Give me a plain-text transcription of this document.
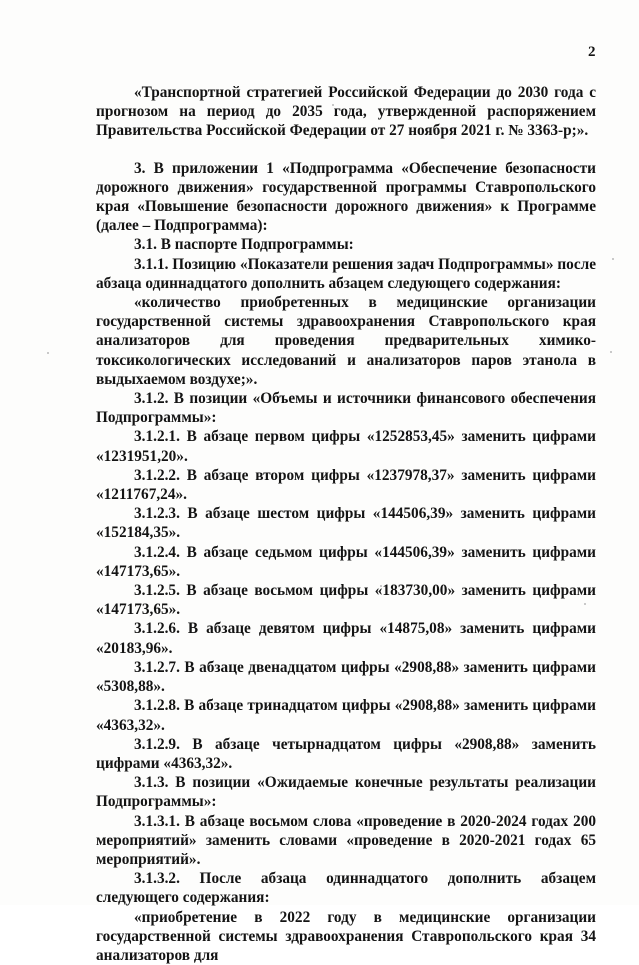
2

«Транспортной стратегией Российской Федерации до 2030 года с прогнозом на период до 2035 года, утвержденной распоряжением Правительства Российской Федерации от 27 ноября 2021 г. № 3363-р;».

3. В приложении 1 «Подпрограмма «Обеспечение безопасности дорожного движения» государственной программы Ставропольского края «Повышение безопасности дорожного движения» к Программе (далее – Подпрограмма):

3.1. В паспорте Подпрограммы:

3.1.1. Позицию «Показатели решения задач Подпрограммы» после абзаца одиннадцатого дополнить абзацем следующего содержания:

«количество приобретенных в медицинские организации государственной системы здравоохранения Ставропольского края анализаторов для проведения предварительных химико-токсикологических исследований и анализаторов паров этанола в выдыхаемом воздухе;».

3.1.2. В позиции «Объемы и источники финансового обеспечения Подпрограммы»:

3.1.2.1. В абзаце первом цифры «1252853,45» заменить цифрами «1231951,20».

3.1.2.2. В абзаце втором цифры «1237978,37» заменить цифрами «1211767,24».

3.1.2.3. В абзаце шестом цифры «144506,39» заменить цифрами «152184,35».

3.1.2.4. В абзаце седьмом цифры «144506,39» заменить цифрами «147173,65».

3.1.2.5. В абзаце восьмом цифры «183730,00» заменить цифрами «147173,65».

3.1.2.6. В абзаце девятом цифры «14875,08» заменить цифрами «20183,96».

3.1.2.7. В абзаце двенадцатом цифры «2908,88» заменить цифрами «5308,88».

3.1.2.8. В абзаце тринадцатом цифры «2908,88» заменить цифрами «4363,32».

3.1.2.9. В абзаце четырнадцатом цифры «2908,88» заменить цифрами «4363,32».

3.1.3. В позиции «Ожидаемые конечные результаты реализации Подпрограммы»:

3.1.3.1. В абзаце восьмом слова «проведение в 2020-2024 годах 200 мероприятий» заменить словами «проведение в 2020-2021 годах 65 мероприятий».

3.1.3.2. После абзаца одиннадцатого дополнить абзацем следующего содержания:

«приобретение в 2022 году в медицинские организации государственной системы здравоохранения Ставропольского края 34 анализаторов для
